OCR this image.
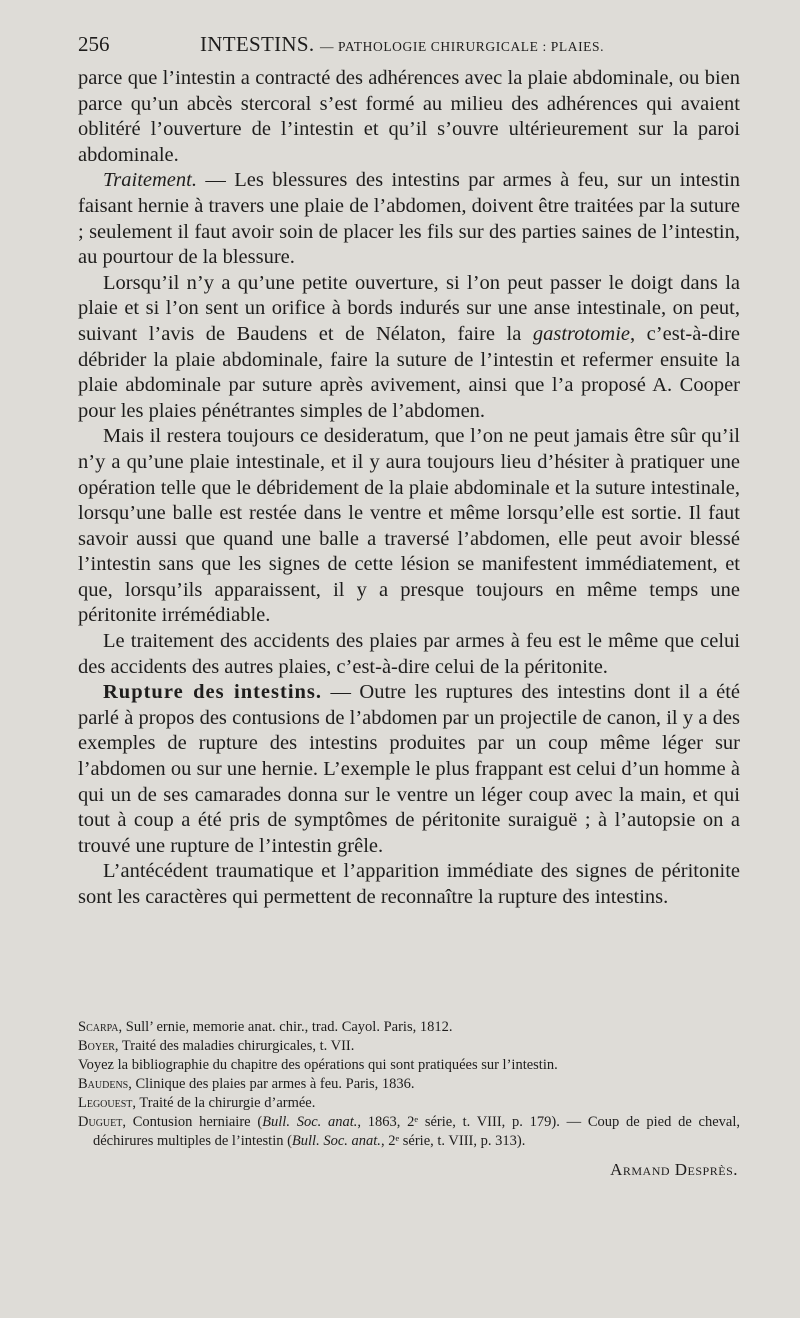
256	INTESTINS. — PATHOLOGIE CHIRURGICALE : PLAIES.

parce que l’intestin a contracté des adhérences avec la plaie abdominale, ou bien parce qu’un abcès stercoral s’est formé au milieu des adhérences qui avaient oblitéré l’ouverture de l’intestin et qu’il s’ouvre ultérieurement sur la paroi abdominale.

Traitement. — Les blessures des intestins par armes à feu, sur un intestin faisant hernie à travers une plaie de l’abdomen, doivent être traitées par la suture ; seulement il faut avoir soin de placer les fils sur des parties saines de l’intestin, au pourtour de la blessure.

Lorsqu’il n’y a qu’une petite ouverture, si l’on peut passer le doigt dans la plaie et si l’on sent un orifice à bords indurés sur une anse intestinale, on peut, suivant l’avis de Baudens et de Nélaton, faire la gastrotomie, c’est-à-dire débrider la plaie abdominale, faire la suture de l’intestin et refermer ensuite la plaie abdominale par suture après avivement, ainsi que l’a proposé A. Cooper pour les plaies pénétrantes simples de l’abdomen.

Mais il restera toujours ce desideratum, que l’on ne peut jamais être sûr qu’il n’y a qu’une plaie intestinale, et il y aura toujours lieu d’hésiter à pratiquer une opération telle que le débridement de la plaie abdominale et la suture intestinale, lorsqu’une balle est restée dans le ventre et même lorsqu’elle est sortie. Il faut savoir aussi que quand une balle a traversé l’abdomen, elle peut avoir blessé l’intestin sans que les signes de cette lésion se manifestent immédiatement, et que, lorsqu’ils apparaissent, il y a presque toujours en même temps une péritonite irrémédiable.

Le traitement des accidents des plaies par armes à feu est le même que celui des accidents des autres plaies, c’est-à-dire celui de la péritonite.

Rupture des intestins. — Outre les ruptures des intestins dont il a été parlé à propos des contusions de l’abdomen par un projectile de canon, il y a des exemples de rupture des intestins produites par un coup même léger sur l’abdomen ou sur une hernie. L’exemple le plus frappant est celui d’un homme à qui un de ses camarades donna sur le ventre un léger coup avec la main, et qui tout à coup a été pris de symptômes de péritonite suraiguë ; à l’autopsie on a trouvé une rupture de l’intestin grêle.

L’antécédent traumatique et l’apparition immédiate des signes de péritonite sont les caractères qui permettent de reconnaître la rupture des intestins.

Scarpa, Sull’ ernie, memorie anat. chir., trad. Cayol. Paris, 1812.

Boyer, Traité des maladies chirurgicales, t. VII.

Voyez la bibliographie du chapitre des opérations qui sont pratiquées sur l’intestin.

Baudens, Clinique des plaies par armes à feu. Paris, 1836.

Legouest, Traité de la chirurgie d’armée.

Duguet, Contusion herniaire (Bull. Soc. anat., 1863, 2ᵉ série, t. VIII, p. 179). — Coup de pied de cheval, déchirures multiples de l’intestin (Bull. Soc. anat., 2ᵉ série, t. VIII, p. 313).

Armand Desprès.
